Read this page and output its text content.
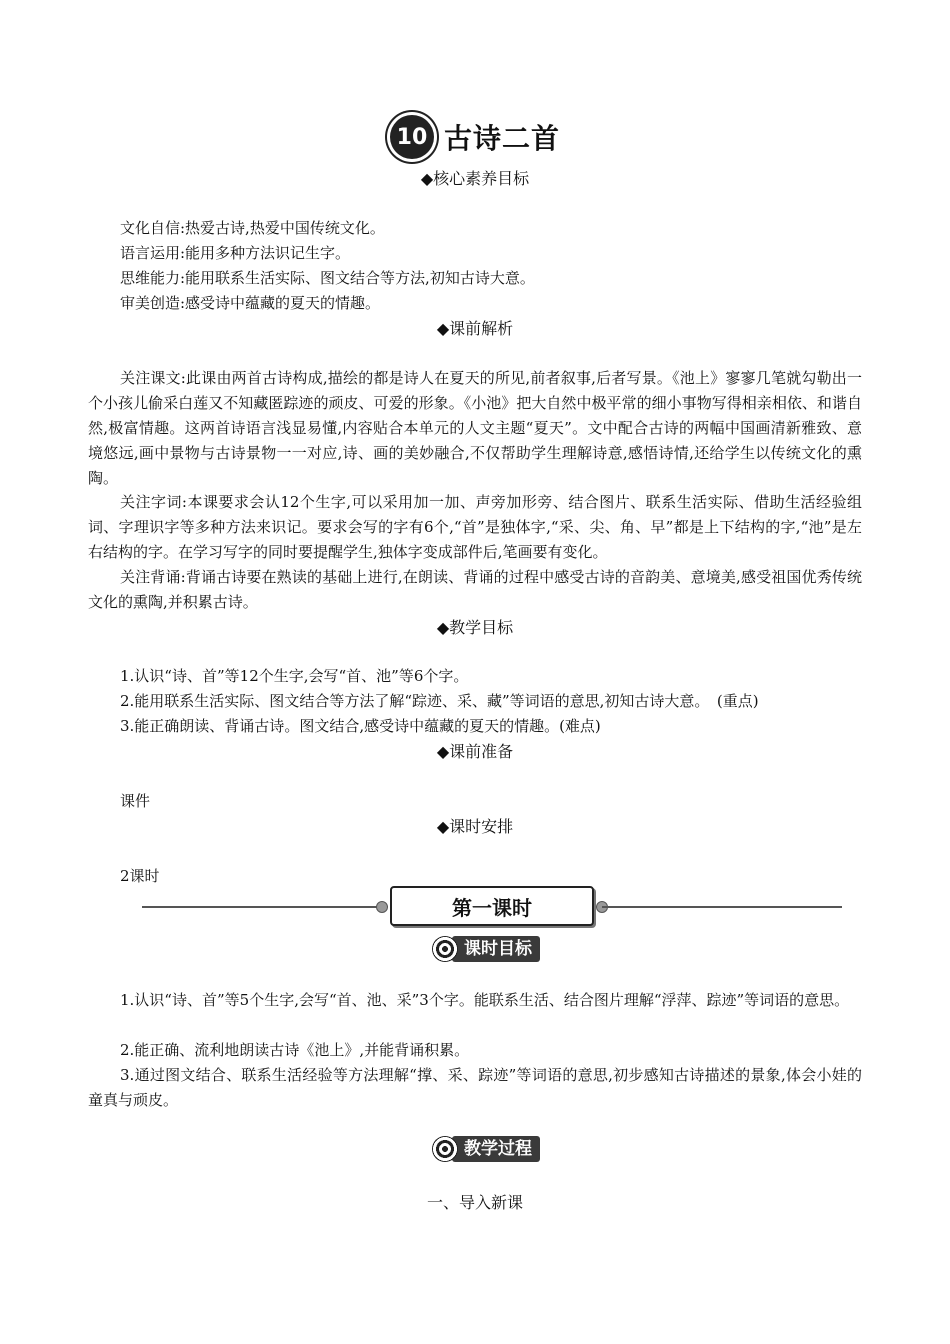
10 古诗二首
◆核心素养目标
文化自信:热爱古诗,热爱中国传统文化。
语言运用:能用多种方法识记生字。
思维能力:能用联系生活实际、图文结合等方法,初知古诗大意。
审美创造:感受诗中蕴藏的夏天的情趣。
◆课前解析
关注课文:此课由两首古诗构成,描绘的都是诗人在夏天的所见,前者叙事,后者写景。《池上》寥寥几笔就勾勒出一个小孩儿偷采白莲又不知藏匿踪迹的顽皮、可爱的形象。《小池》把大自然中极平常的细小事物写得相亲相依、和谐自然,极富情趣。这两首诗语言浅显易懂,内容贴合本单元的人文主题“夏天”。文中配合古诗的两幅中国画清新雅致、意境悠远,画中景物与古诗景物一一对应,诗、画的美妙融合,不仅帮助学生理解诗意,感悟诗情,还给学生以传统文化的熏陶。
关注字词:本课要求会认12个生字,可以采用加一加、声旁加形旁、结合图片、联系生活实际、借助生活经验组词、字理识字等多种方法来识记。要求会写的字有6个,“首”是独体字,“采、尖、角、早”都是上下结构的字,“池”是左右结构的字。在学习写字的同时要提醒学生,独体字变成部件后,笔画要有变化。
关注背诵:背诵古诗要在熟读的基础上进行,在朗读、背诵的过程中感受古诗的音韵美、意境美,感受祖国优秀传统文化的熏陶,并积累古诗。
◆教学目标
1.认识“诗、首”等12个生字,会写“首、池”等6个字。
2.能用联系生活实际、图文结合等方法了解“踪迹、采、藏”等词语的意思,初知古诗大意。　(重点)
3.能正确朗读、背诵古诗。图文结合,感受诗中蕴藏的夏天的情趣。(难点)
◆课前准备
课件
◆课时安排
2课时
第一课时
课时目标
1.认识“诗、首”等5个生字,会写“首、池、采”3个字。能联系生活、结合图片理解“浮萍、踪迹”等词语的意思。
2.能正确、流利地朗读古诗《池上》,并能背诵积累。
3.通过图文结合、联系生活经验等方法理解“撑、采、踪迹”等词语的意思,初步感知古诗描述的景象,体会小娃的童真与顽皮。
教学过程
一、导入新课
